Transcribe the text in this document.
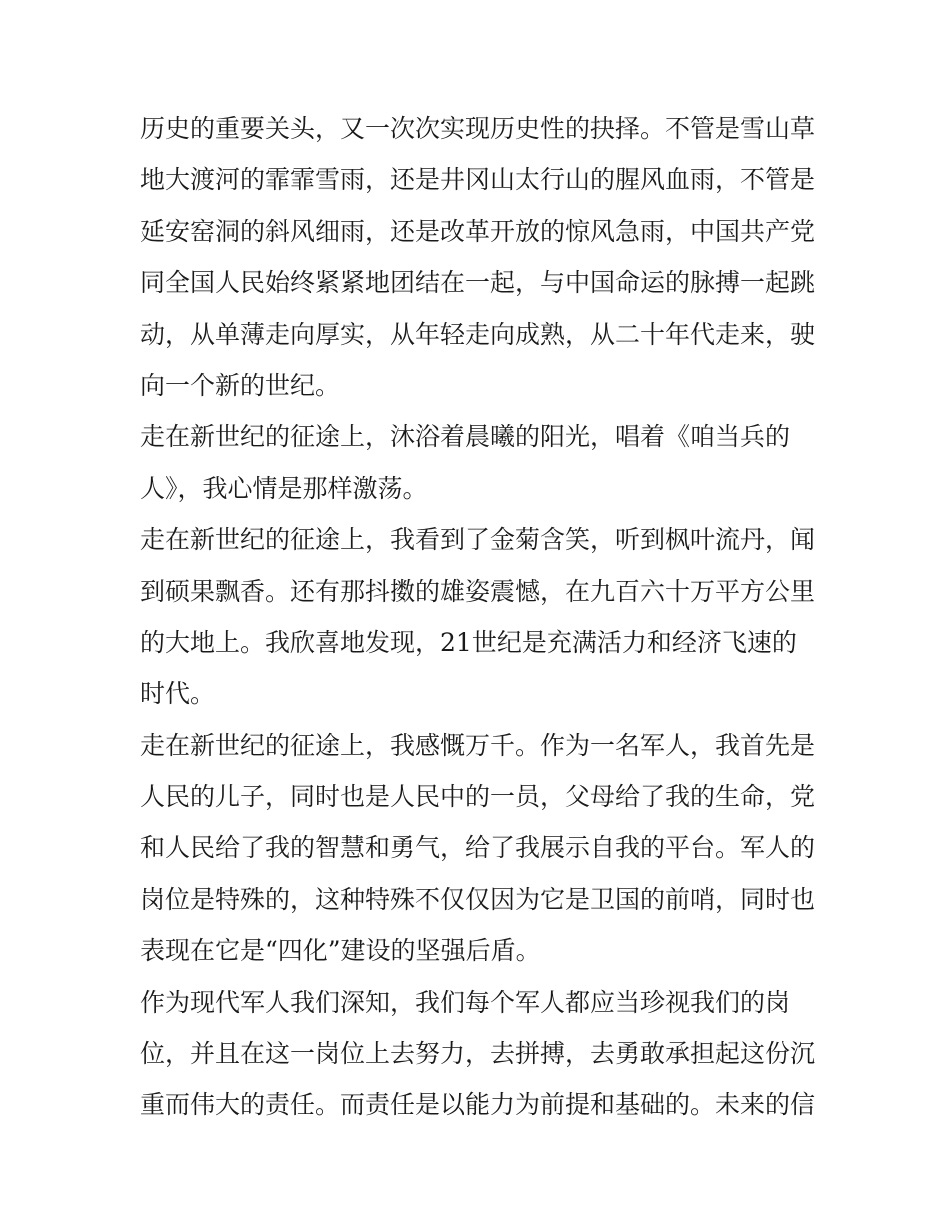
历史的重要关头，又一次次实现历史性的抉择。不管是雪山草
地大渡河的霏霏雪雨，还是井冈山太行山的腥风血雨，不管是
延安窑洞的斜风细雨，还是改革开放的惊风急雨，中国共产党
同全国人民始终紧紧地团结在一起，与中国命运的脉搏一起跳
动，从单薄走向厚实，从年轻走向成熟，从二十年代走来，驶
向一个新的世纪。
走在新世纪的征途上，沐浴着晨曦的阳光，唱着《咱当兵的
人》，我心情是那样激荡。
走在新世纪的征途上，我看到了金菊含笑，听到枫叶流丹，闻
到硕果飘香。还有那抖擞的雄姿震憾，在九百六十万平方公里
的大地上。我欣喜地发现，21世纪是充满活力和经济飞速的
时代。
走在新世纪的征途上，我感慨万千。作为一名军人，我首先是
人民的儿子，同时也是人民中的一员，父母给了我的生命，党
和人民给了我的智慧和勇气，给了我展示自我的平台。军人的
岗位是特殊的，这种特殊不仅仅因为它是卫国的前哨，同时也
表现在它是“四化”建设的坚强后盾。
作为现代军人我们深知，我们每个军人都应当珍视我们的岗
位，并且在这一岗位上去努力，去拼搏，去勇敢承担起这份沉
重而伟大的责任。而责任是以能力为前提和基础的。未来的信
